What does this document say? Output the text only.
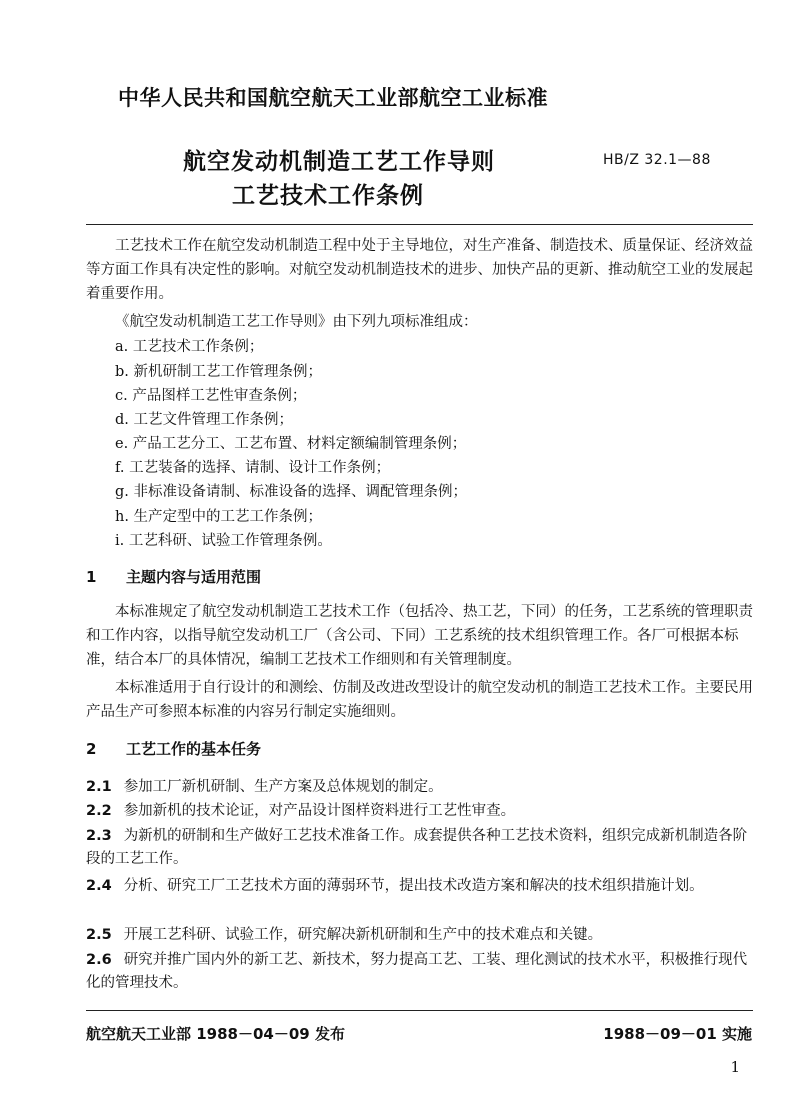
中华人民共和国航空航天工业部航空工业标准
航空发动机制造工艺工作导则
工艺技术工作条例
HB/Z 32.1—88
工艺技术工作在航空发动机制造工程中处于主导地位，对生产准备、制造技术、质量保证、经济效益等方面工作具有决定性的影响。对航空发动机制造技术的进步、加快产品的更新、推动航空工业的发展起着重要作用。
《航空发动机制造工艺工作导则》由下列九项标准组成：
a. 工艺技术工作条例；
b. 新机研制工艺工作管理条例；
c. 产品图样工艺性审查条例；
d. 工艺文件管理工作条例；
e. 产品工艺分工、工艺布置、材料定额编制管理条例；
f. 工艺装备的选择、请制、设计工作条例；
g. 非标准设备请制、标准设备的选择、调配管理条例；
h. 生产定型中的工艺工作条例；
i. 工艺科研、试验工作管理条例。
1 主题内容与适用范围
本标准规定了航空发动机制造工艺技术工作（包括冷、热工艺，下同）的任务，工艺系统的管理职责和工作内容，以指导航空发动机工厂（含公司、下同）工艺系统的技术组织管理工作。各厂可根据本标准，结合本厂的具体情况，编制工艺技术工作细则和有关管理制度。
本标准适用于自行设计的和测绘、仿制及改进改型设计的航空发动机的制造工艺技术工作。主要民用产品生产可参照本标准的内容另行制定实施细则。
2 工艺工作的基本任务
2.1 参加工厂新机研制、生产方案及总体规划的制定。
2.2 参加新机的技术论证，对产品设计图样资料进行工艺性审查。
2.3 为新机的研制和生产做好工艺技术准备工作。成套提供各种工艺技术资料，组织完成新机制造各阶段的工艺工作。
2.4 分析、研究工厂工艺技术方面的薄弱环节，提出技术改造方案和解决的技术组织措施计划。
2.5 开展工艺科研、试验工作，研究解决新机研制和生产中的技术难点和关键。
2.6 研究并推广国内外的新工艺、新技术，努力提高工艺、工装、理化测试的技术水平，积极推行现代化的管理技术。
航空航天工业部 1988－04－09 发布	1988－09－01 实施
1
